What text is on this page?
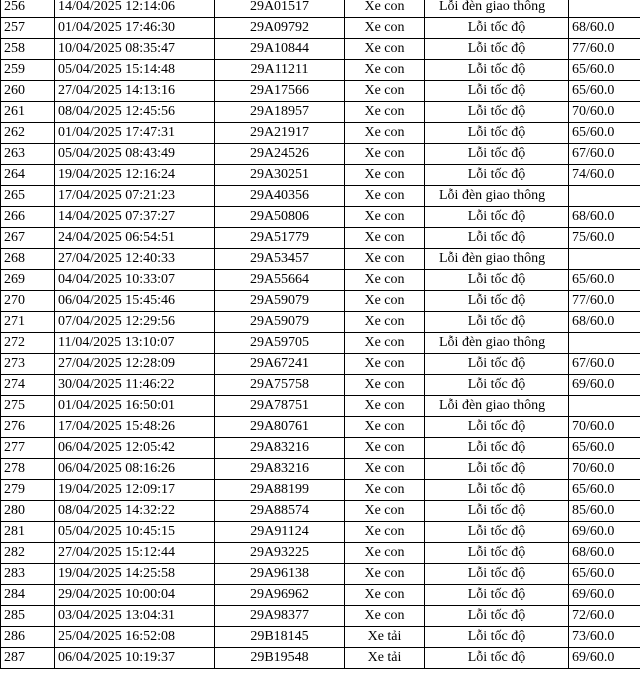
256	14/04/2025 12:14:06	29A01517	Xe con	Lỗi đèn giao thông	
257	01/04/2025 17:46:30	29A09792	Xe con	Lỗi tốc độ	68/60.0
258	10/04/2025 08:35:47	29A10844	Xe con	Lỗi tốc độ	77/60.0
259	05/04/2025 15:14:48	29A11211	Xe con	Lỗi tốc độ	65/60.0
260	27/04/2025 14:13:16	29A17566	Xe con	Lỗi tốc độ	65/60.0
261	08/04/2025 12:45:56	29A18957	Xe con	Lỗi tốc độ	70/60.0
262	01/04/2025 17:47:31	29A21917	Xe con	Lỗi tốc độ	65/60.0
263	05/04/2025 08:43:49	29A24526	Xe con	Lỗi tốc độ	67/60.0
264	19/04/2025 12:16:24	29A30251	Xe con	Lỗi tốc độ	74/60.0
265	17/04/2025 07:21:23	29A40356	Xe con	Lỗi đèn giao thông	
266	14/04/2025 07:37:27	29A50806	Xe con	Lỗi tốc độ	68/60.0
267	24/04/2025 06:54:51	29A51779	Xe con	Lỗi tốc độ	75/60.0
268	27/04/2025 12:40:33	29A53457	Xe con	Lỗi đèn giao thông	
269	04/04/2025 10:33:07	29A55664	Xe con	Lỗi tốc độ	65/60.0
270	06/04/2025 15:45:46	29A59079	Xe con	Lỗi tốc độ	77/60.0
271	07/04/2025 12:29:56	29A59079	Xe con	Lỗi tốc độ	68/60.0
272	11/04/2025 13:10:07	29A59705	Xe con	Lỗi đèn giao thông	
273	27/04/2025 12:28:09	29A67241	Xe con	Lỗi tốc độ	67/60.0
274	30/04/2025 11:46:22	29A75758	Xe con	Lỗi tốc độ	69/60.0
275	01/04/2025 16:50:01	29A78751	Xe con	Lỗi đèn giao thông	
276	17/04/2025 15:48:26	29A80761	Xe con	Lỗi tốc độ	70/60.0
277	06/04/2025 12:05:42	29A83216	Xe con	Lỗi tốc độ	65/60.0
278	06/04/2025 08:16:26	29A83216	Xe con	Lỗi tốc độ	70/60.0
279	19/04/2025 12:09:17	29A88199	Xe con	Lỗi tốc độ	65/60.0
280	08/04/2025 14:32:22	29A88574	Xe con	Lỗi tốc độ	85/60.0
281	05/04/2025 10:45:15	29A91124	Xe con	Lỗi tốc độ	69/60.0
282	27/04/2025 15:12:44	29A93225	Xe con	Lỗi tốc độ	68/60.0
283	19/04/2025 14:25:58	29A96138	Xe con	Lỗi tốc độ	65/60.0
284	29/04/2025 10:00:04	29A96962	Xe con	Lỗi tốc độ	69/60.0
285	03/04/2025 13:04:31	29A98377	Xe con	Lỗi tốc độ	72/60.0
286	25/04/2025 16:52:08	29B18145	Xe tải	Lỗi tốc độ	73/60.0
287	06/04/2025 10:19:37	29B19548	Xe tải	Lỗi tốc độ	69/60.0
